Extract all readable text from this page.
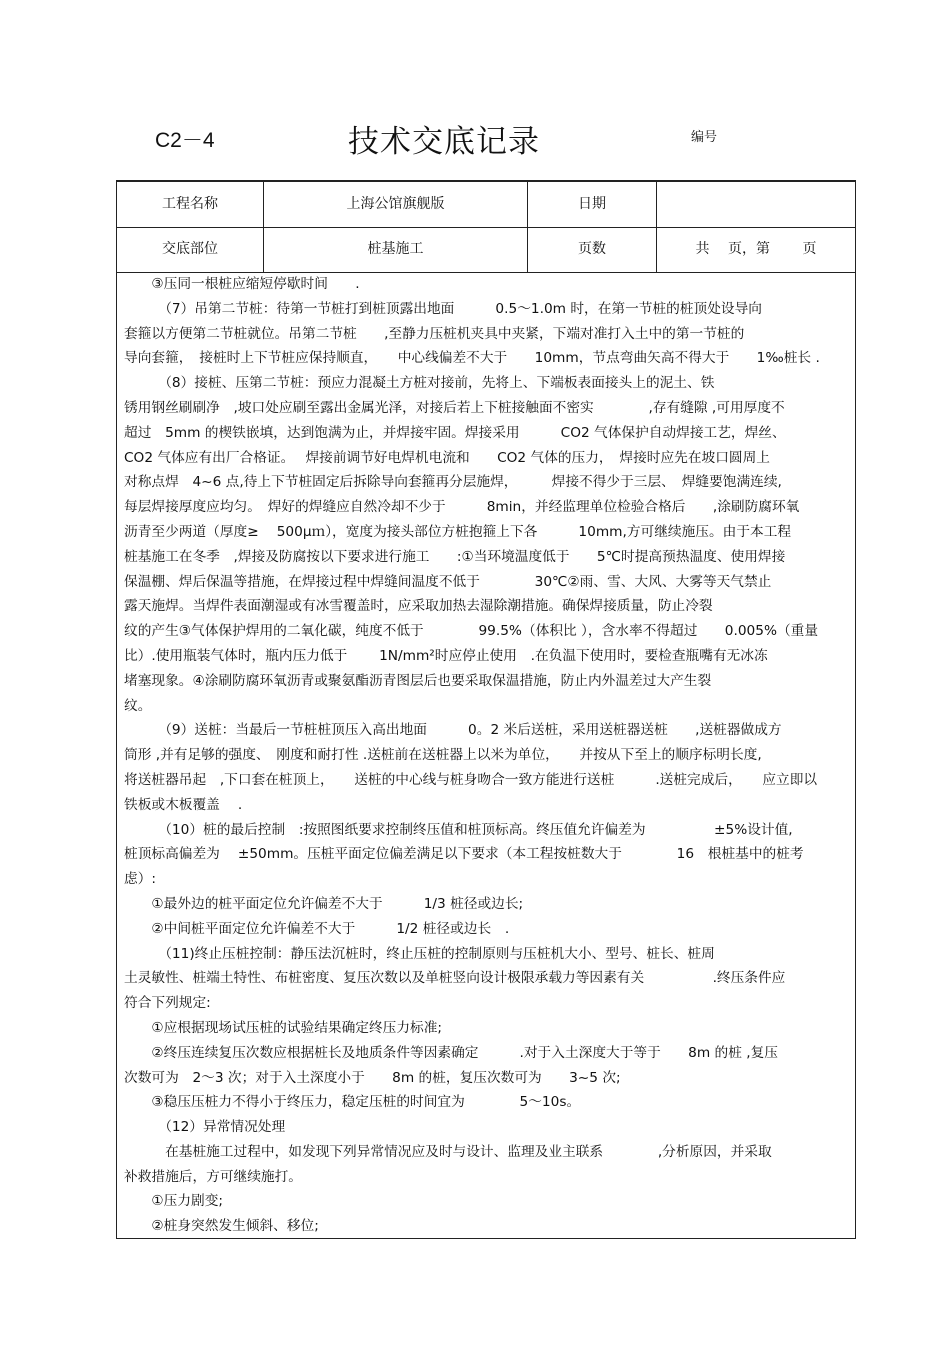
C2－4	技术交底记录	编号
工程名称	上海公馆旗舰版	日期
交底部位	桩基施工	页数	共　 页，第　 　页
　　③压同一根桩应缩短停歇时间　　.
　　　（7）吊第二节桩：待第一节桩打到桩顶露出地面　　　0.5～1.0m 时，在第一节桩的桩顶处设导向
套箍以方便第二节桩就位。吊第二节桩　　,至静力压桩机夹具中夹紧，下端对准打入土中的第一节桩的
导向套箍，　接桩时上下节桩应保持顺直，　　中心线偏差不大于　　10mm，节点弯曲矢高不得大于　　1‰桩长 .
　　　（8）接桩、压第二节桩：预应力混凝土方桩对接前，先将上、下端板表面接头上的泥土、铁
锈用钢丝刷刷净　,坡口处应刷至露出金属光泽，对接后若上下桩接触面不密实　　　　,存有缝隙 ,可用厚度不
超过　5mm 的楔铁嵌填，达到饱满为止，并焊接牢固。焊接采用　　　CO2 气体保护自动焊接工艺，焊丝、
CO2 气体应有出厂合格证。　 焊接前调节好电焊机电流和　　CO2 气体的压力，　焊接时应先在坡口圆周上
对称点焊　4~6 点,待上下节桩固定后拆除导向套箍再分层施焊，　　　焊接不得少于三层、　焊缝要饱满连续,
每层焊接厚度应均匀。　焊好的焊缝应自然冷却不少于　　　8min，并经监理单位检验合格后　　,涂刷防腐环氧
沥青至少两道（厚度≥　 500μｍ），宽度为接头部位方桩抱箍上下各　　　10mm,方可继续施压。由于本工程
桩基施工在冬季　,焊接及防腐按以下要求进行施工　　:①当环境温度低于　　5℃时提高预热温度、使用焊接
保温棚、焊后保温等措施，在焊接过程中焊缝间温度不低于　　　　30℃②雨、雪、大风、大雾等天气禁止
露天施焊。当焊件表面潮湿或有冰雪覆盖时，应采取加热去湿除潮措施。确保焊接质量，防止冷裂
纹的产生③气体保护焊用的二氧化碳，纯度不低于　　　　99.5%（体积比 ），含水率不得超过　　0.005%（重量
比）.使用瓶装气体时，瓶内压力低于　　 1N/mm²时应停止使用　.在负温下使用时，要检查瓶嘴有无冰冻
堵塞现象。④涂刷防腐环氧沥青或聚氨酯沥青图层后也要采取保温措施，防止内外温差过大产生裂
纹。
　　　（9）送桩：当最后一节桩桩顶压入高出地面　　　0。2 米后送桩，采用送桩器送桩　　,送桩器做成方
筒形 ,并有足够的强度、　刚度和耐打性 .送桩前在送桩器上以米为单位，　　并按从下至上的顺序标明长度,
将送桩器吊起　,下口套在桩顶上，　　送桩的中心线与桩身吻合一致方能进行送桩　　　.送桩完成后，　　应立即以
铁板或木板覆盖　 .
　　　（10）桩的最后控制　:按照图纸要求控制终压值和桩顶标高。终压值允许偏差为　　　　　±5%设计值,
桩顶标高偏差为　 ±50mm。压桩平面定位偏差满足以下要求（本工程按桩数大于　　　　16　根桩基中的桩考
虑）:
　　①最外边的桩平面定位允许偏差不大于　　　1/3 桩径或边长;
　　②中间桩平面定位允许偏差不大于　　　1/2 桩径或边长　.
　　　（11)终止压桩控制：静压法沉桩时，终止压桩的控制原则与压桩机大小、型号、桩长、桩周
土灵敏性、桩端土特性、布桩密度、复压次数以及单桩竖向设计极限承载力等因素有关　　　　　.终压条件应
符合下列规定:
　　①应根据现场试压桩的试验结果确定终压力标准;
　　②终压连续复压次数应根据桩长及地质条件等因素确定　　　.对于入土深度大于等于　　8m 的桩 ,复压
次数可为　2～3 次；对于入土深度小于　　8m 的桩，复压次数可为　　3~5 次;
　　③稳压压桩力不得小于终压力，稳定压桩的时间宜为　　　　5～10s。
　　　（12）异常情况处理
　　　在基桩施工过程中，如发现下列异常情况应及时与设计、监理及业主联系　　　　,分析原因，并采取
补救措施后，方可继续施打。
　　①压力剧变;
　　②桩身突然发生倾斜、移位;
